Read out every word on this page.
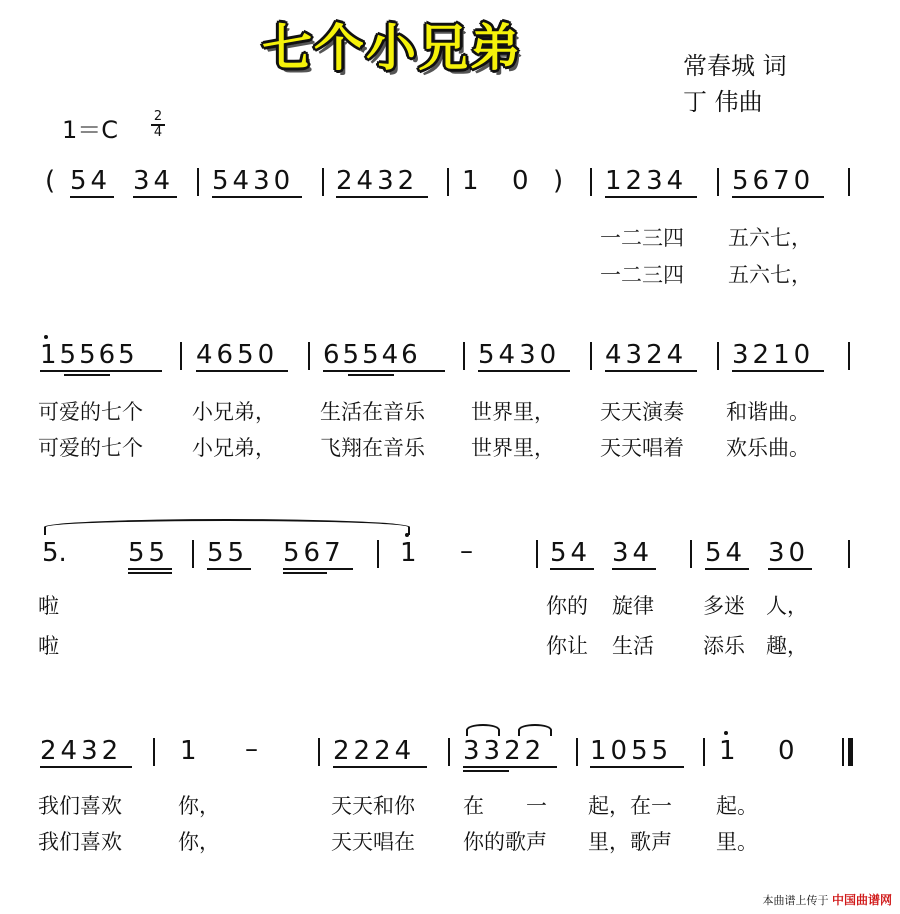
七个小兄弟	常春城 词
丁 伟曲
1＝C	2
4
( 54 34 5430 2432 1 0 ) 1234 5670
一二三四 五六七，
一二三四 五六七，
15565 4650 65546 5430 4324 3210
可爱的七个 小兄弟， 生活在音乐 世界里， 天天演奏 和谐曲。
可爱的七个 小兄弟， 飞翔在音乐 世界里， 天天唱着 欢乐曲。
5. 55 55 567 1 –	54 34 54 30
啦	你的 旋律 多迷 人，
啦	你让 生活 添乐 趣，
2432 1 –	2224 3322 1055 1 0
我们喜欢	你，	天天和你 在 一 起，在一 起。
我们喜欢	你，	天天唱在 你的歌声 里，歌声 里。
本曲谱上传于 中国曲谱网
